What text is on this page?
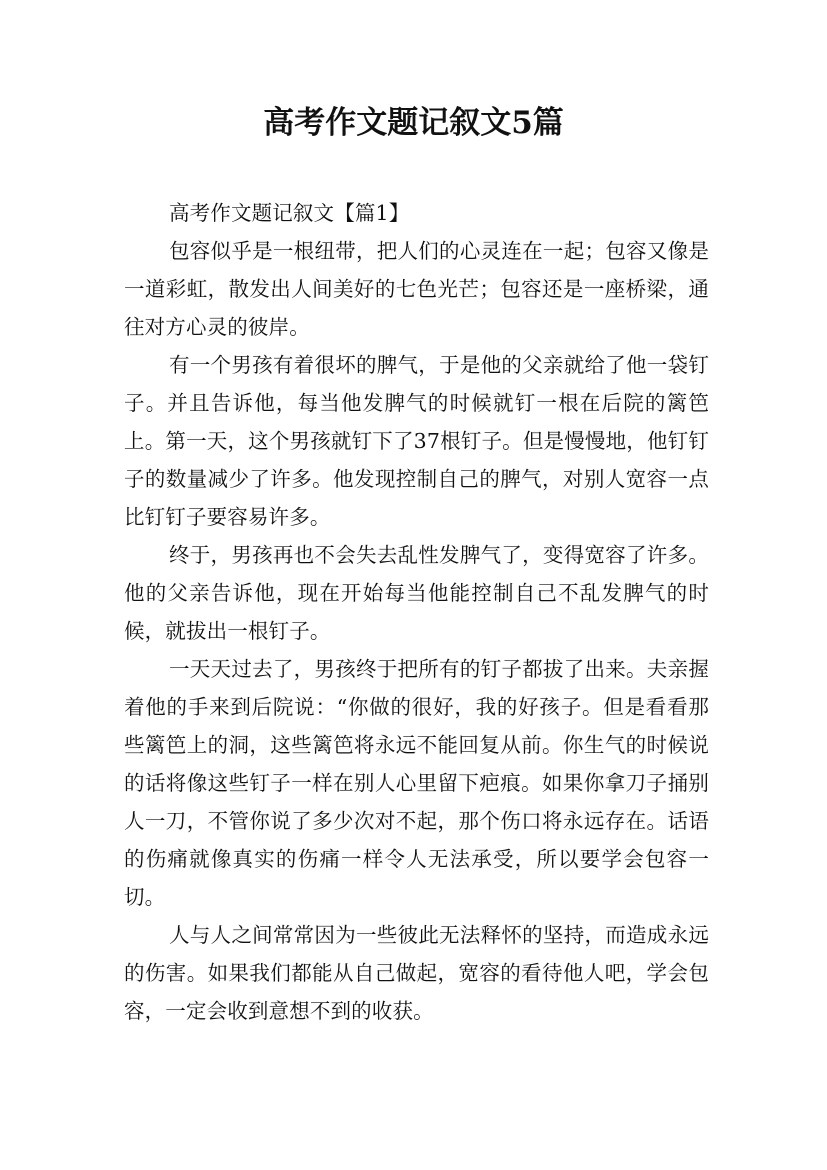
高考作文题记叙文5篇

高考作文题记叙文【篇1】

包容似乎是一根纽带，把人们的心灵连在一起；包容又像是一道彩虹，散发出人间美好的七色光芒；包容还是一座桥梁，通往对方心灵的彼岸。

有一个男孩有着很坏的脾气，于是他的父亲就给了他一袋钉子。并且告诉他，每当他发脾气的时候就钉一根在后院的篱笆上。第一天，这个男孩就钉下了37根钉子。但是慢慢地，他钉钉子的数量减少了许多。他发现控制自己的脾气，对别人宽容一点比钉钉子要容易许多。

终于，男孩再也不会失去乱性发脾气了，变得宽容了许多。他的父亲告诉他，现在开始每当他能控制自己不乱发脾气的时候，就拔出一根钉子。

一天天过去了，男孩终于把所有的钉子都拔了出来。夫亲握着他的手来到后院说：“你做的很好，我的好孩子。但是看看那些篱笆上的洞，这些篱笆将永远不能回复从前。你生气的时候说的话将像这些钉子一样在别人心里留下疤痕。如果你拿刀子捅别人一刀，不管你说了多少次对不起，那个伤口将永远存在。话语的伤痛就像真实的伤痛一样令人无法承受，所以要学会包容一切。

人与人之间常常因为一些彼此无法释怀的坚持，而造成永远的伤害。如果我们都能从自己做起，宽容的看待他人吧，学会包容，一定会收到意想不到的收获。
